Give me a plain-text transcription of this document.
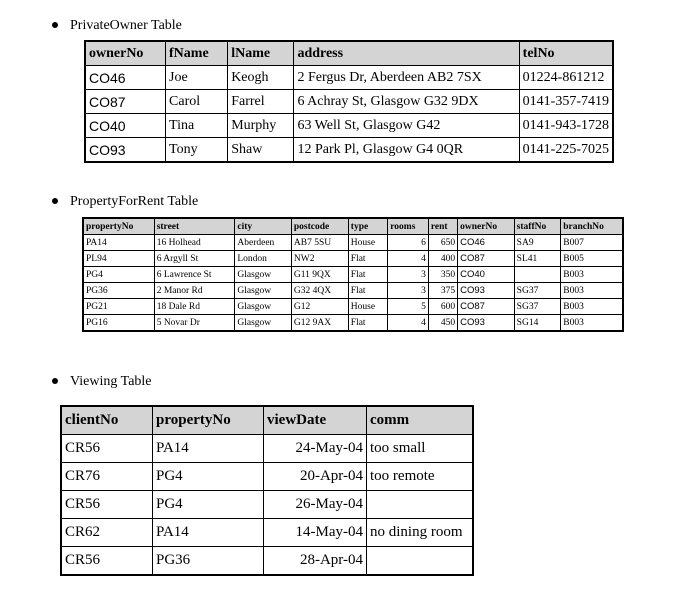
PrivateOwner Table
ownerNo	fName	lName	address	telNo
CO46	Joe	Keogh	2 Fergus Dr, Aberdeen AB2 7SX	01224-861212
CO87	Carol	Farrel	6 Achray St, Glasgow G32 9DX	0141-357-7419
CO40	Tina	Murphy	63 Well St, Glasgow G42	0141-943-1728
CO93	Tony	Shaw	12 Park Pl, Glasgow G4 0QR	0141-225-7025
PropertyForRent Table
propertyNo	street	city	postcode	type	rooms	rent	ownerNo	staffNo	branchNo
PA14	16 Holhead	Aberdeen	AB7 5SU	House	6	650	CO46	SA9	B007
PL94	6 Argyll St	London	NW2	Flat	4	400	CO87	SL41	B005
PG4	6 Lawrence St	Glasgow	G11 9QX	Flat	3	350	CO40		B003
PG36	2 Manor Rd	Glasgow	G32 4QX	Flat	3	375	CO93	SG37	B003
PG21	18 Dale Rd	Glasgow	G12	House	5	600	CO87	SG37	B003
PG16	5 Novar Dr	Glasgow	G12 9AX	Flat	4	450	CO93	SG14	B003
Viewing Table
clientNo	propertyNo	viewDate	comm
CR56	PA14	24-May-04	too small
CR76	PG4	20-Apr-04	too remote
CR56	PG4	26-May-04	
CR62	PA14	14-May-04	no dining room
CR56	PG36	28-Apr-04	
